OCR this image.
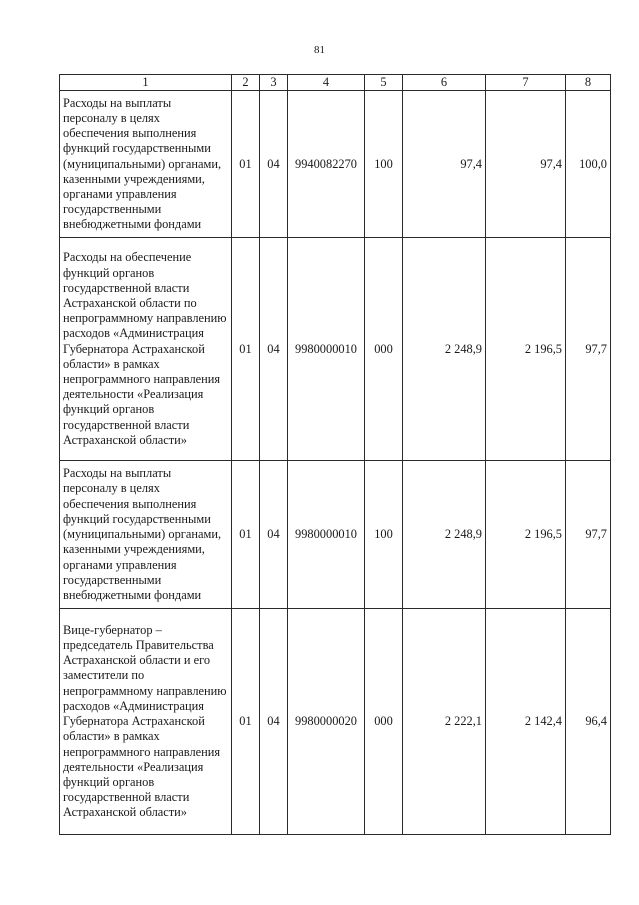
81
1	2	3	4	5	6	7	8
Расходы на выплаты персоналу в целях обеспечения выполнения функций государственными (муниципальными) органами, казенными учреждениями, органами управления государственными внебюджетными фондами	01	04	9940082270	100	97,4	97,4	100,0
Расходы на обеспечение функций органов государственной власти Астраханской области по непрограммному направлению расходов «Администрация Губернатора Астраханской области» в рамках непрограммного направления деятельности «Реализация функций органов государственной власти Астраханской области»	01	04	9980000010	000	2 248,9	2 196,5	97,7
Расходы на выплаты персоналу в целях обеспечения выполнения функций государственными (муниципальными) органами, казенными учреждениями, органами управления государственными внебюджетными фондами	01	04	9980000010	100	2 248,9	2 196,5	97,7
Вице-губернатор – председатель Правительства Астраханской области и его заместители по непрограммному направлению расходов «Администрация Губернатора Астраханской области» в рамках непрограммного направления деятельности «Реализация функций органов государственной власти Астраханской области»	01	04	9980000020	000	2 222,1	2 142,4	96,4
